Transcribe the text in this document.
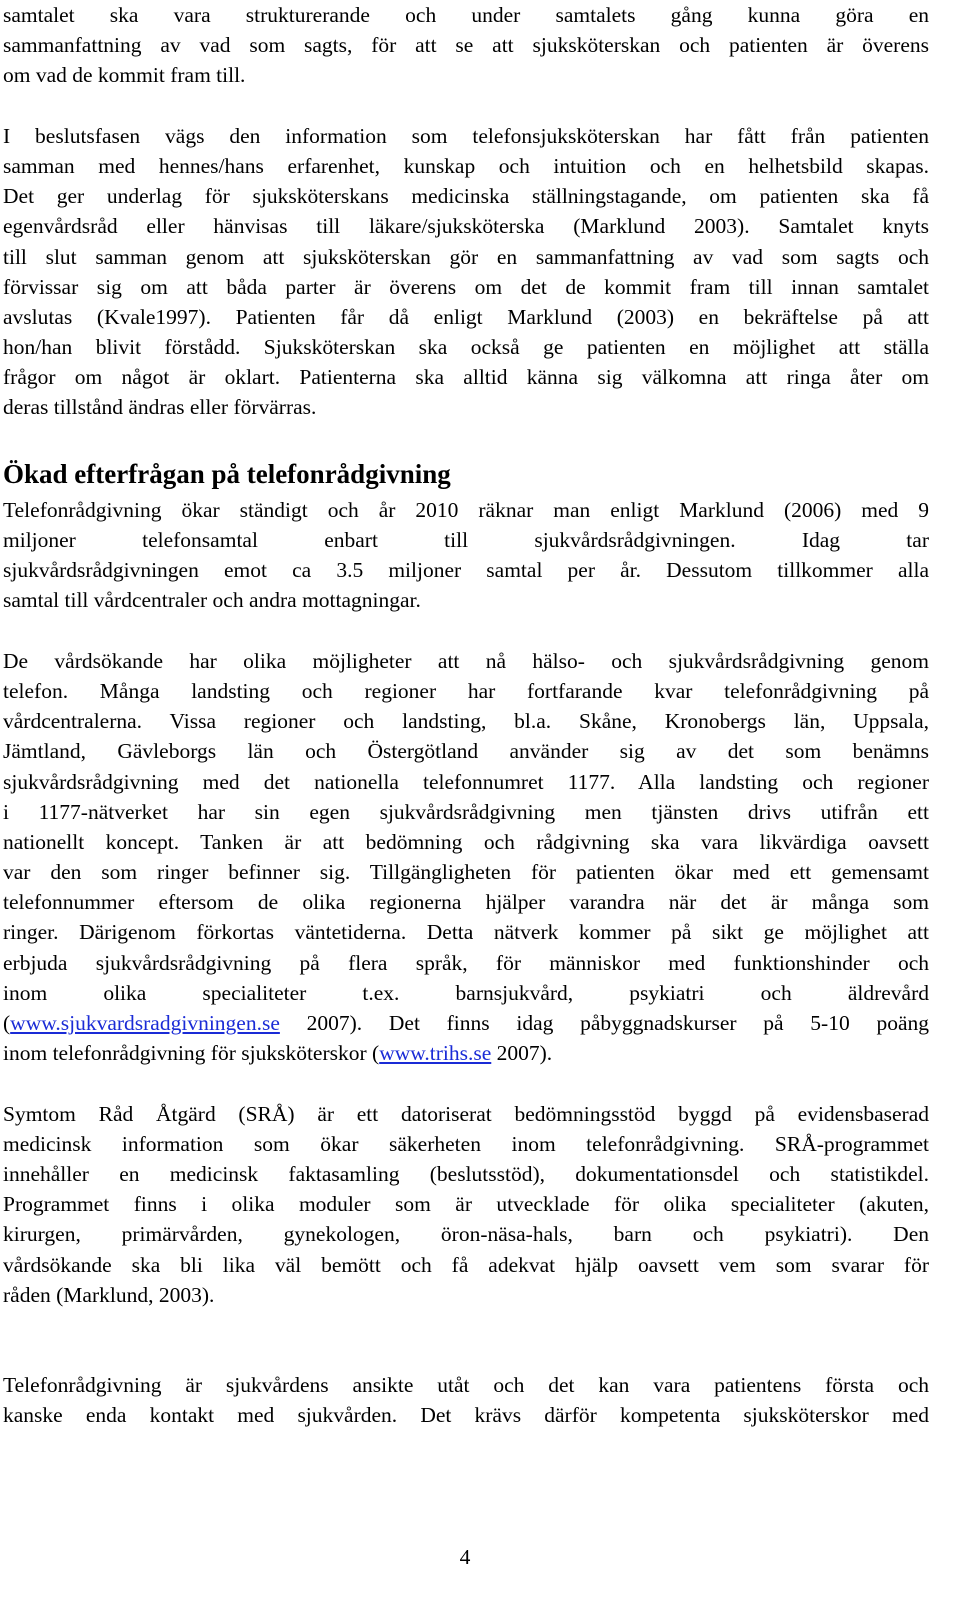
samtalet ska vara strukturerande och under samtalets gång kunna göra en
sammanfattning av vad som sagts, för att se att sjuksköterskan och patienten är överens
om vad de kommit fram till.
I beslutsfasen vägs den information som telefonsjuksköterskan har fått från patienten
samman med hennes/hans erfarenhet, kunskap och intuition och en helhetsbild skapas.
Det ger underlag för sjuksköterskans medicinska ställningstagande, om patienten ska få
egenvårdsråd eller hänvisas till läkare/sjuksköterska (Marklund 2003). Samtalet knyts
till slut samman genom att sjuksköterskan gör en sammanfattning av vad som sagts och
förvissar sig om att båda parter är överens om det de kommit fram till innan samtalet
avslutas (Kvale1997). Patienten får då enligt Marklund (2003) en bekräftelse på att
hon/han blivit förstådd. Sjuksköterskan ska också ge patienten en möjlighet att ställa
frågor om något är oklart. Patienterna ska alltid känna sig välkomna att ringa åter om
deras tillstånd ändras eller förvärras.
Ökad efterfrågan på telefonrådgivning
Telefonrådgivning ökar ständigt och år 2010 räknar man enligt Marklund (2006) med 9
miljoner telefonsamtal enbart till sjukvårdsrådgivningen. Idag tar
sjukvårdsrådgivningen emot ca 3.5 miljoner samtal per år. Dessutom tillkommer alla
samtal till vårdcentraler och andra mottagningar.
De vårdsökande har olika möjligheter att nå hälso- och sjukvårdsrådgivning genom
telefon. Många landsting och regioner har fortfarande kvar telefonrådgivning på
vårdcentralerna. Vissa regioner och landsting, bl.a. Skåne, Kronobergs län, Uppsala,
Jämtland, Gävleborgs län och Östergötland använder sig av det som benämns
sjukvårdsrådgivning med det nationella telefonnumret 1177. Alla landsting och regioner
i 1177-nätverket har sin egen sjukvårdsrådgivning men tjänsten drivs utifrån ett
nationellt koncept. Tanken är att bedömning och rådgivning ska vara likvärdiga oavsett
var den som ringer befinner sig. Tillgängligheten för patienten ökar med ett gemensamt
telefonnummer eftersom de olika regionerna hjälper varandra när det är många som
ringer. Därigenom förkortas väntetiderna. Detta nätverk kommer på sikt ge möjlighet att
erbjuda sjukvårdsrådgivning på flera språk, för människor med funktionshinder och
inom olika specialiteter t.ex. barnsjukvård, psykiatri och äldrevård
(www.sjukvardsradgivningen.se 2007). Det finns idag påbyggnadskurser på 5-10 poäng
inom telefonrådgivning för sjuksköterskor (www.trihs.se 2007).
Symtom Råd Åtgärd (SRÅ) är ett datoriserat bedömningsstöd byggd på evidensbaserad
medicinsk information som ökar säkerheten inom telefonrådgivning. SRÅ-programmet
innehåller en medicinsk faktasamling (beslutsstöd), dokumentationsdel och statistikdel.
Programmet finns i olika moduler som är utvecklade för olika specialiteter (akuten,
kirurgen, primärvården, gynekologen, öron-näsa-hals, barn och psykiatri). Den
vårdsökande ska bli lika väl bemött och få adekvat hjälp oavsett vem som svarar för
råden (Marklund, 2003).
Telefonrådgivning är sjukvårdens ansikte utåt och det kan vara patientens första och
kanske enda kontakt med sjukvården. Det krävs därför kompetenta sjuksköterskor med
4
